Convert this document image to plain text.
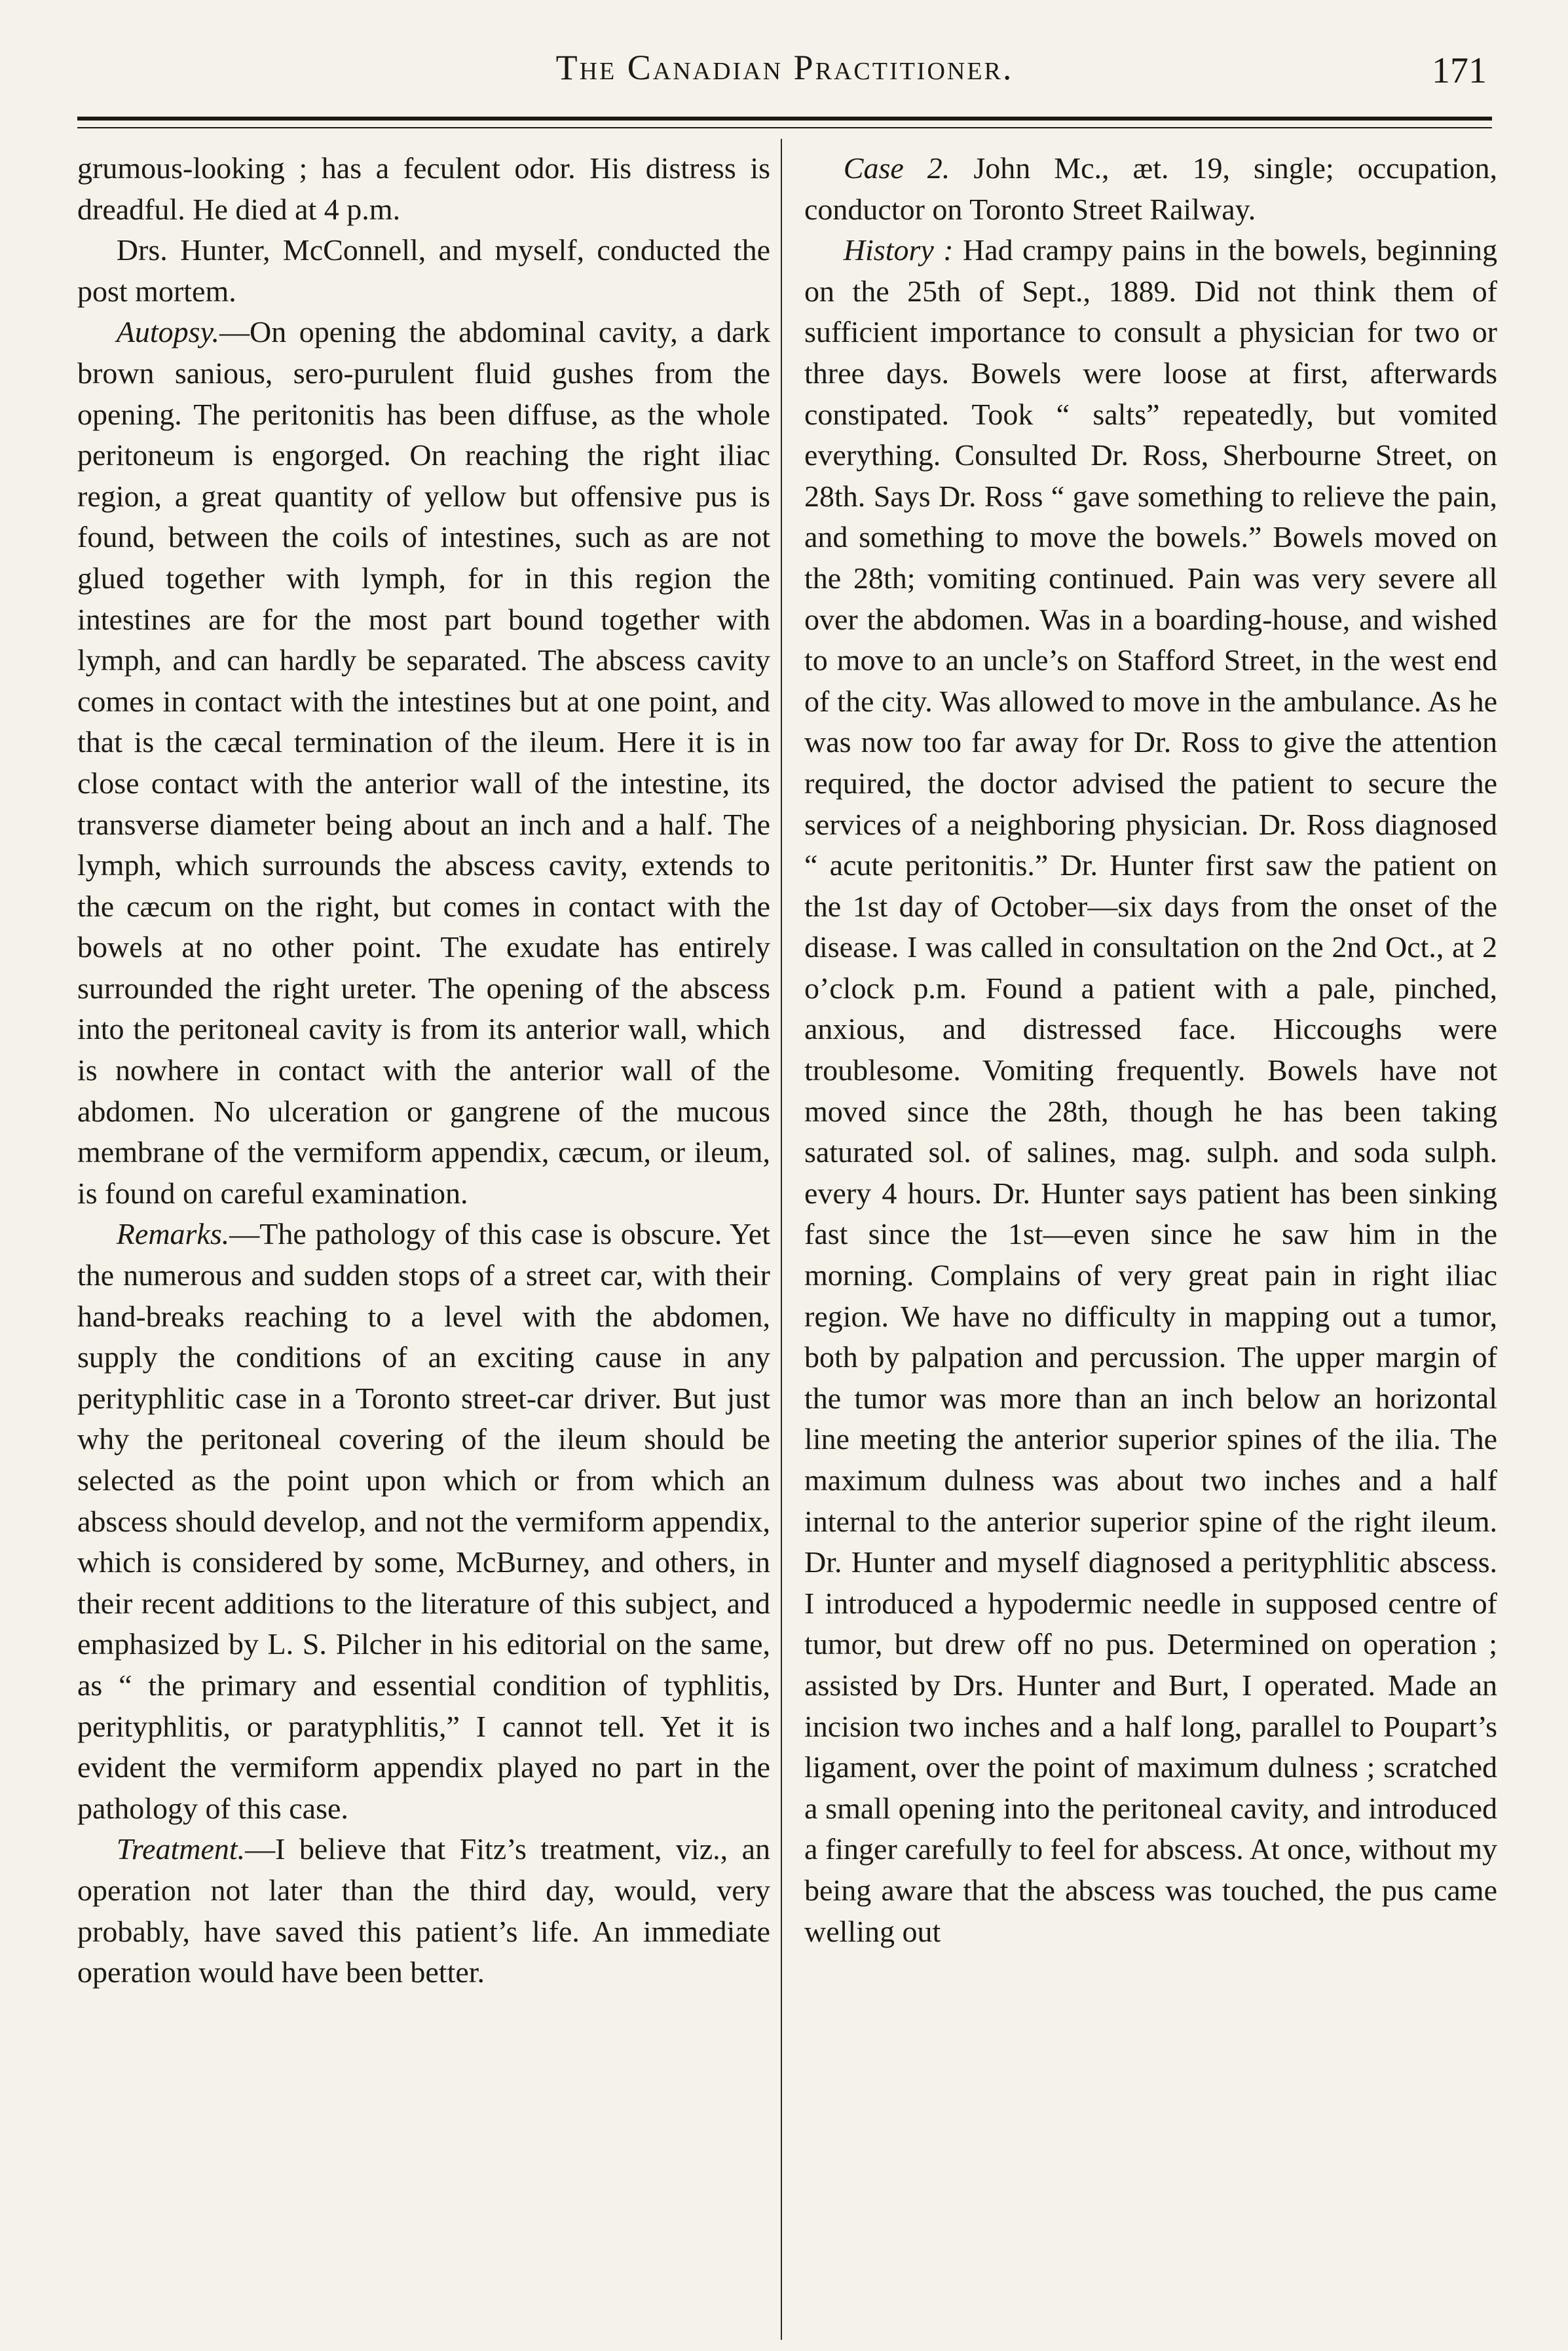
The Canadian Practitioner.	171

grumous-looking ; has a feculent odor. His distress is dreadful. He died at 4 p.m.

Drs. Hunter, McConnell, and myself, conducted the post mortem.

Autopsy.—On opening the abdominal cavity, a dark brown sanious, sero-purulent fluid gushes from the opening. The peritonitis has been diffuse, as the whole peritoneum is engorged. On reaching the right iliac region, a great quantity of yellow but offensive pus is found, between the coils of intestines, such as are not glued together with lymph, for in this region the intestines are for the most part bound together with lymph, and can hardly be separated. The abscess cavity comes in contact with the intestines but at one point, and that is the cæcal termination of the ileum. Here it is in close contact with the anterior wall of the intestine, its transverse diameter being about an inch and a half. The lymph, which surrounds the abscess cavity, extends to the cæcum on the right, but comes in contact with the bowels at no other point. The exudate has entirely surrounded the right ureter. The opening of the abscess into the peritoneal cavity is from its anterior wall, which is nowhere in contact with the anterior wall of the abdomen. No ulceration or gangrene of the mucous membrane of the vermiform appendix, cæcum, or ileum, is found on careful examination.

Remarks.—The pathology of this case is obscure. Yet the numerous and sudden stops of a street car, with their hand-breaks reaching to a level with the abdomen, supply the conditions of an exciting cause in any perityphlitic case in a Toronto street-car driver. But just why the peritoneal covering of the ileum should be selected as the point upon which or from which an abscess should develop, and not the vermiform appendix, which is considered by some, McBurney, and others, in their recent additions to the literature of this subject, and emphasized by L. S. Pilcher in his editorial on the same, as “ the primary and essential condition of typhlitis, perityphlitis, or paratyphlitis,” I cannot tell. Yet it is evident the vermiform appendix played no part in the pathology of this case.

Treatment.—I believe that Fitz’s treatment, viz., an operation not later than the third day, would, very probably, have saved this patient’s life. An immediate operation would have been better.

Case 2. John Mc., æt. 19, single; occupation, conductor on Toronto Street Railway.

History : Had crampy pains in the bowels, beginning on the 25th of Sept., 1889. Did not think them of sufficient importance to consult a physician for two or three days. Bowels were loose at first, afterwards constipated. Took “ salts” repeatedly, but vomited everything. Consulted Dr. Ross, Sherbourne Street, on 28th. Says Dr. Ross “ gave something to relieve the pain, and something to move the bowels.” Bowels moved on the 28th; vomiting continued. Pain was very severe all over the abdomen. Was in a boarding-house, and wished to move to an uncle’s on Stafford Street, in the west end of the city. Was allowed to move in the ambulance. As he was now too far away for Dr. Ross to give the attention required, the doctor advised the patient to secure the services of a neighboring physician. Dr. Ross diagnosed “ acute peritonitis.” Dr. Hunter first saw the patient on the 1st day of October—six days from the onset of the disease. I was called in consultation on the 2nd Oct., at 2 o’clock p.m. Found a patient with a pale, pinched, anxious, and distressed face. Hiccoughs were troublesome. Vomiting frequently. Bowels have not moved since the 28th, though he has been taking saturated sol. of salines, mag. sulph. and soda sulph. every 4 hours. Dr. Hunter says patient has been sinking fast since the 1st—even since he saw him in the morning. Complains of very great pain in right iliac region. We have no difficulty in mapping out a tumor, both by palpation and percussion. The upper margin of the tumor was more than an inch below an horizontal line meeting the anterior superior spines of the ilia. The maximum dulness was about two inches and a half internal to the anterior superior spine of the right ileum. Dr. Hunter and myself diagnosed a perityphlitic abscess. I introduced a hypodermic needle in supposed centre of tumor, but drew off no pus. Determined on operation ; assisted by Drs. Hunter and Burt, I operated. Made an incision two inches and a half long, parallel to Poupart’s ligament, over the point of maximum dulness ; scratched a small opening into the peritoneal cavity, and introduced a finger carefully to feel for abscess. At once, without my being aware that the abscess was touched, the pus came welling out
